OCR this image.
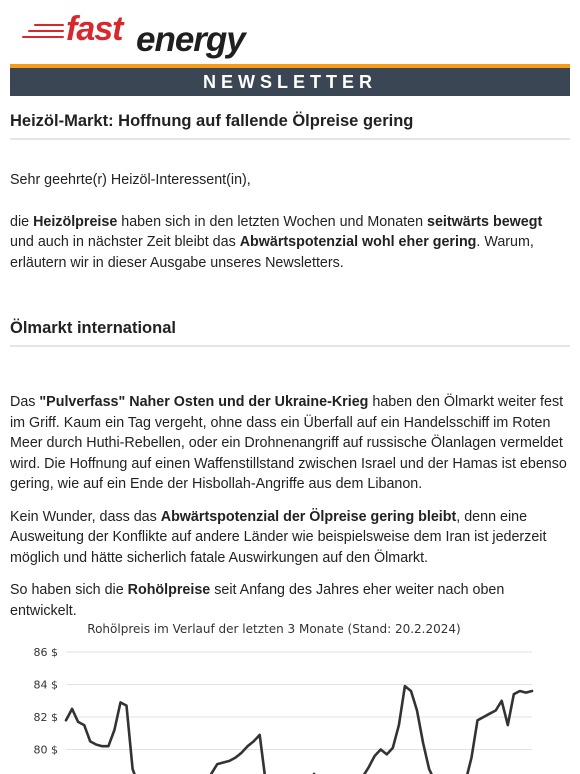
fast energy
NEWSLETTER
Heizöl-Markt: Hoffnung auf fallende Ölpreise gering

Sehr geehrte(r) Heizöl-Interessent(in),

die Heizölpreise haben sich in den letzten Wochen und Monaten seitwärts bewegt und auch in nächster Zeit bleibt das Abwärtspotenzial wohl eher gering. Warum, erläutern wir in dieser Ausgabe unseres Newsletters.

Ölmarkt international

Das "Pulverfass" Naher Osten und der Ukraine-Krieg haben den Ölmarkt weiter fest im Griff. Kaum ein Tag vergeht, ohne dass ein Überfall auf ein Handelsschiff im Roten Meer durch Huthi-Rebellen, oder ein Drohnenangriff auf russische Ölanlagen vermeldet wird. Die Hoffnung auf einen Waffenstillstand zwischen Israel und der Hamas ist ebenso gering, wie auf ein Ende der Hisbollah-Angriffe aus dem Libanon.

Kein Wunder, dass das Abwärtspotenzial der Ölpreise gering bleibt, denn eine Ausweitung der Konflikte auf andere Länder wie beispielsweise dem Iran ist jederzeit möglich und hätte sicherlich fatale Auswirkungen auf den Ölmarkt.

So haben sich die Rohölpreise seit Anfang des Jahres eher weiter nach oben entwickelt.

Rohölpreis im Verlauf der letzten 3 Monate (Stand: 20.2.2024)
86 $
84 $
82 $
80 $
